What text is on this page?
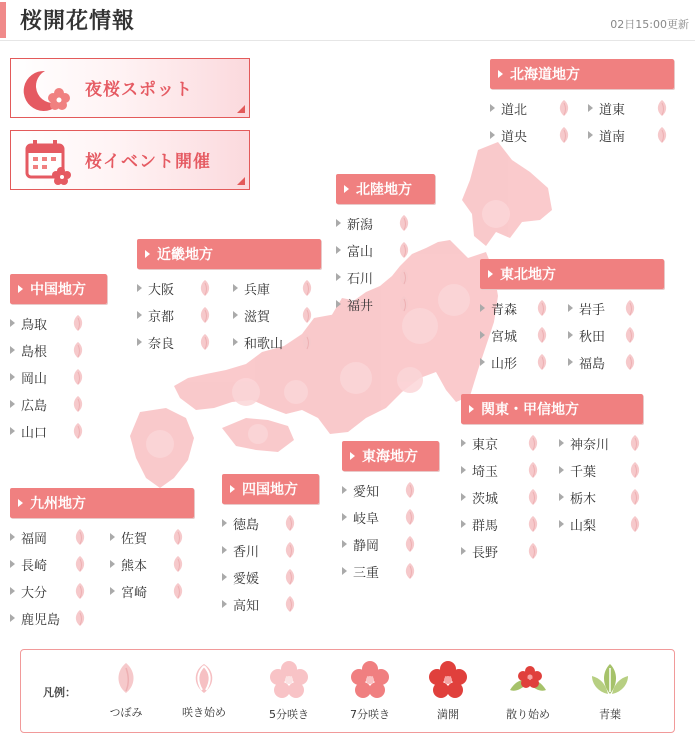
桜開花情報	02日15:00更新
夜桜スポット
桜イベント開催
北海道地方
道北	道東
道央	道南
北陸地方
新潟
富山
石川
福井
近畿地方
大阪	兵庫
京都	滋賀
奈良	和歌山
中国地方
鳥取
島根
岡山
広島
山口
東北地方
青森	岩手
宮城	秋田
山形	福島
関東・甲信地方
東京	神奈川
埼玉	千葉
茨城	栃木
群馬	山梨
長野
東海地方
愛知
岐阜
静岡
三重
四国地方
徳島
香川
愛媛
高知
九州地方
福岡	佐賀
長崎	熊本
大分	宮崎
鹿児島
凡例：
つぼみ	咲き始め	5分咲き	7分咲き	満開	散り始め	青葉
